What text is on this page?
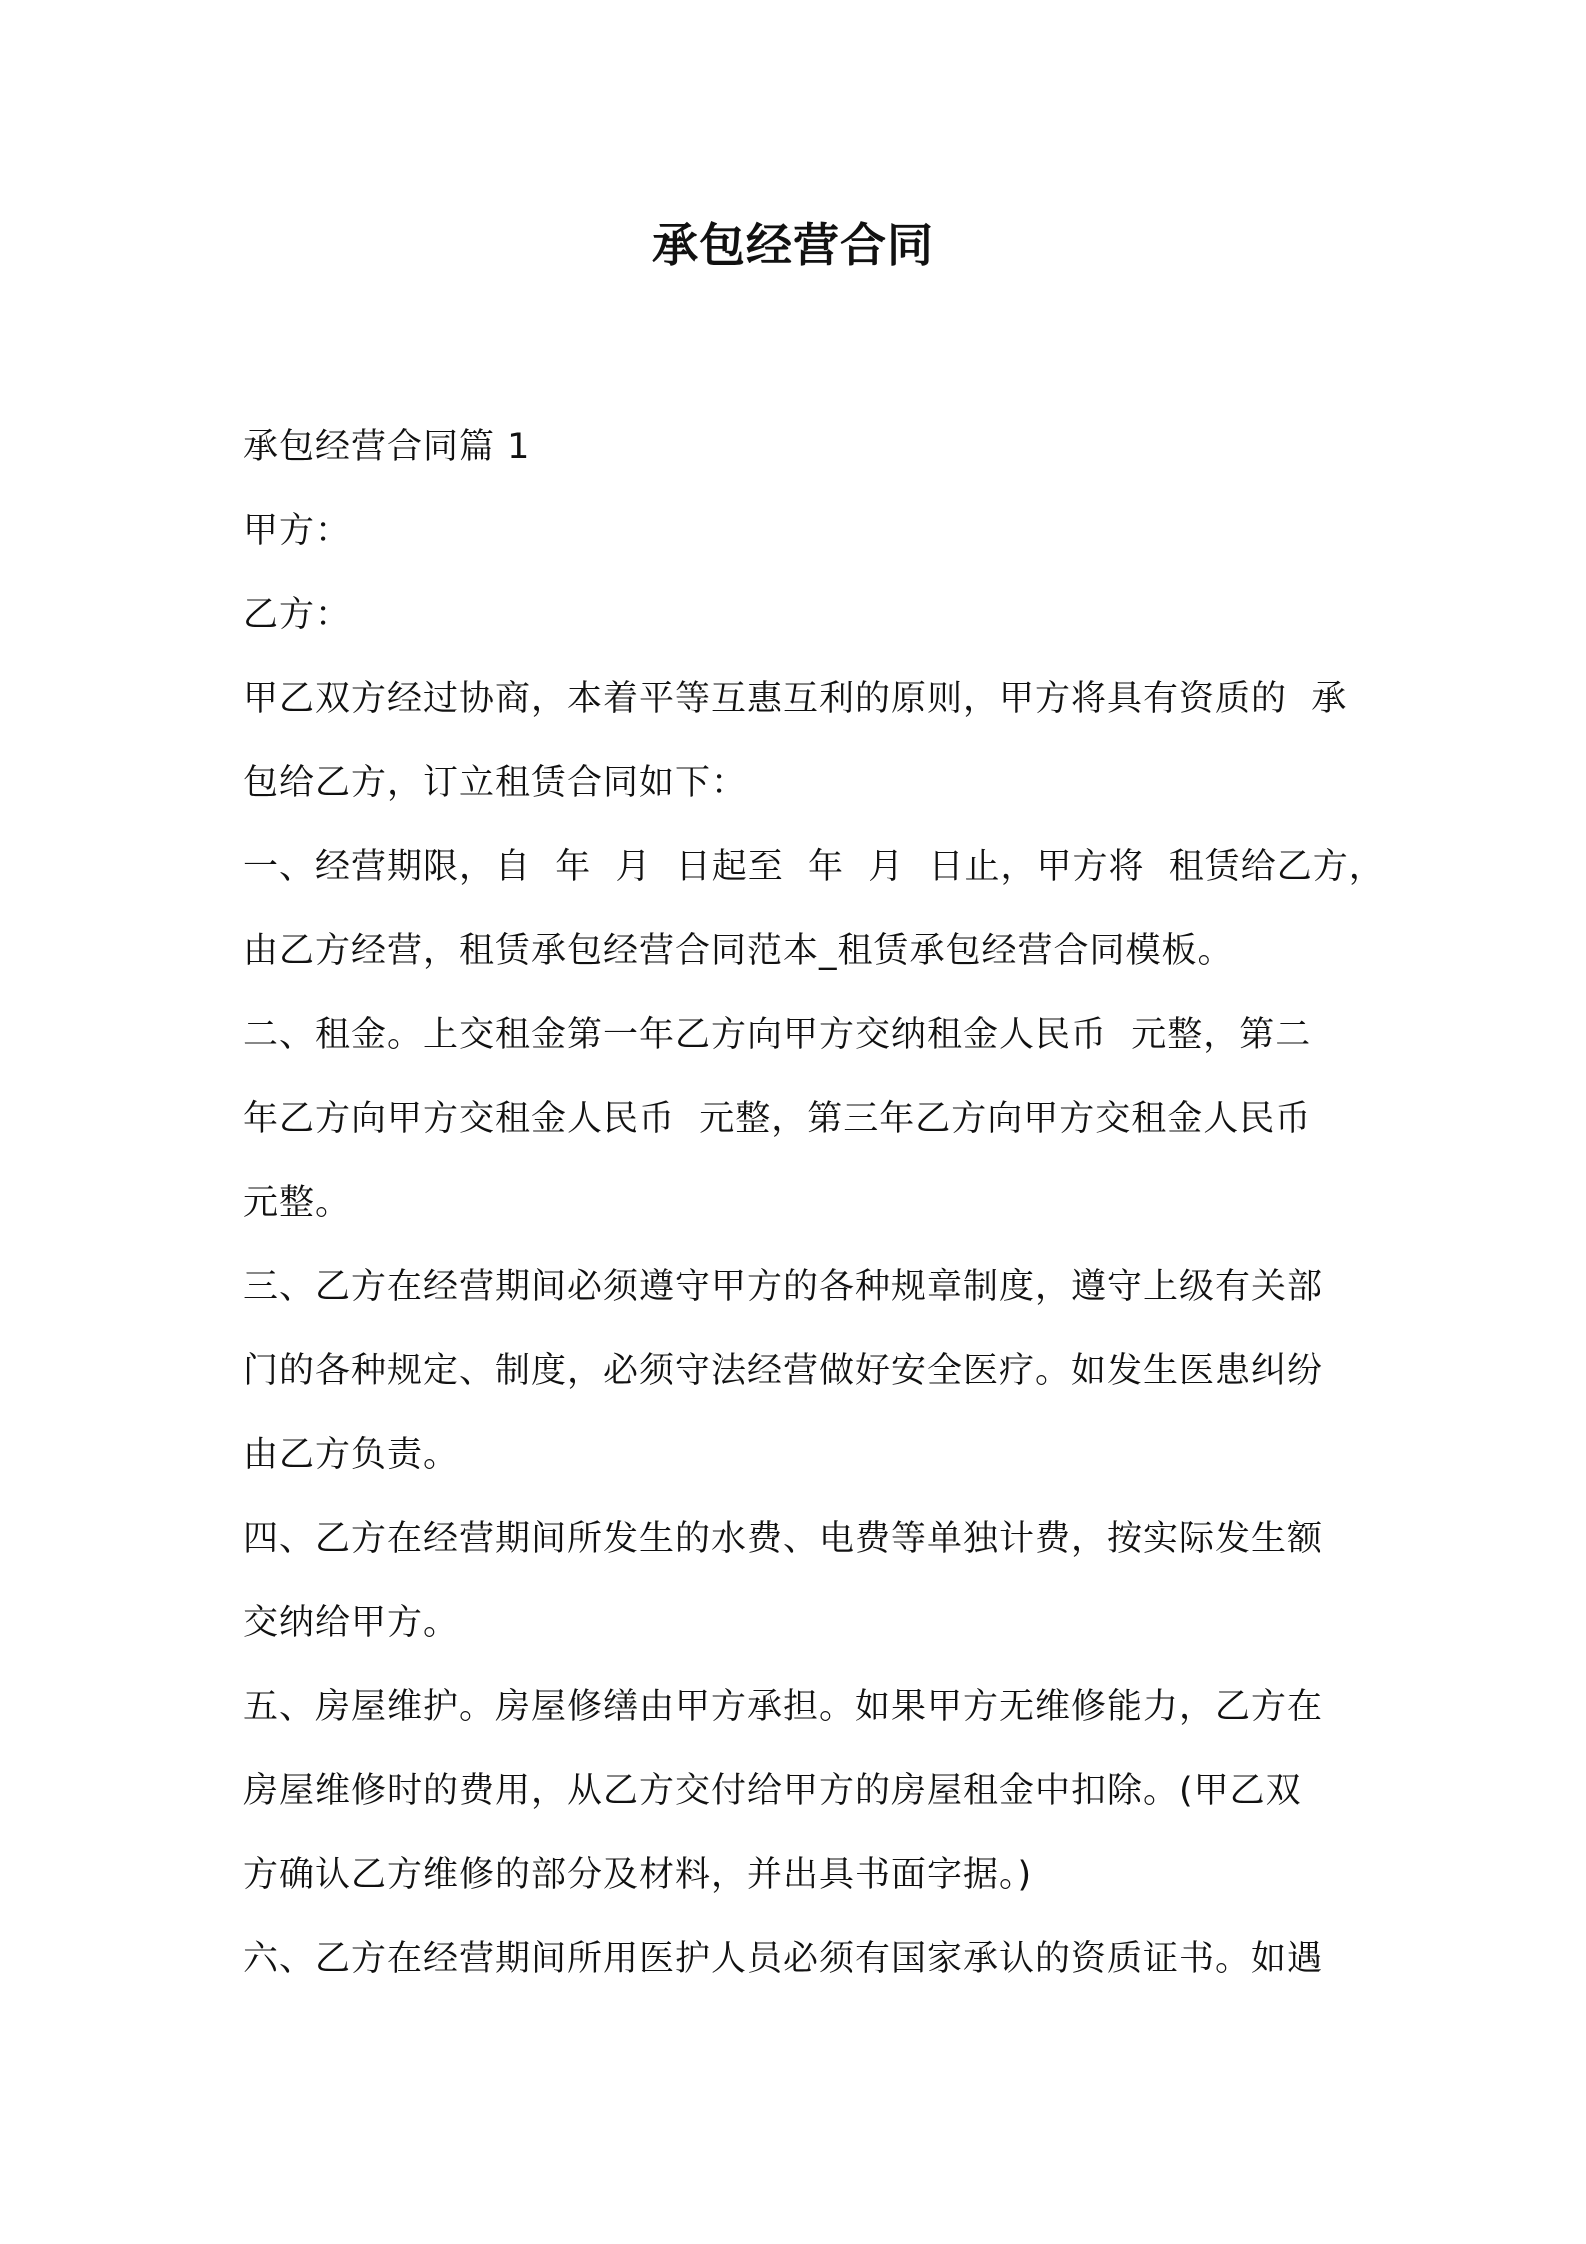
承包经营合同
承包经营合同篇 1
甲方：
乙方：
甲乙双方经过协商，本着平等互惠互利的原则，甲方将具有资质的  承
包给乙方，订立租赁合同如下：
一、经营期限，自  年  月  日起至  年  月  日止，甲方将  租赁给乙方，
由乙方经营，租赁承包经营合同范本_租赁承包经营合同模板。
二、租金。上交租金第一年乙方向甲方交纳租金人民币  元整，第二
年乙方向甲方交租金人民币  元整，第三年乙方向甲方交租金人民币
元整。
三、乙方在经营期间必须遵守甲方的各种规章制度，遵守上级有关部
门的各种规定、制度，必须守法经营做好安全医疗。如发生医患纠纷
由乙方负责。
四、乙方在经营期间所发生的水费、电费等单独计费，按实际发生额
交纳给甲方。
五、房屋维护。房屋修缮由甲方承担。如果甲方无维修能力，乙方在
房屋维修时的费用，从乙方交付给甲方的房屋租金中扣除。(甲乙双
方确认乙方维修的部分及材料，并出具书面字据。)
六、乙方在经营期间所用医护人员必须有国家承认的资质证书。如遇
